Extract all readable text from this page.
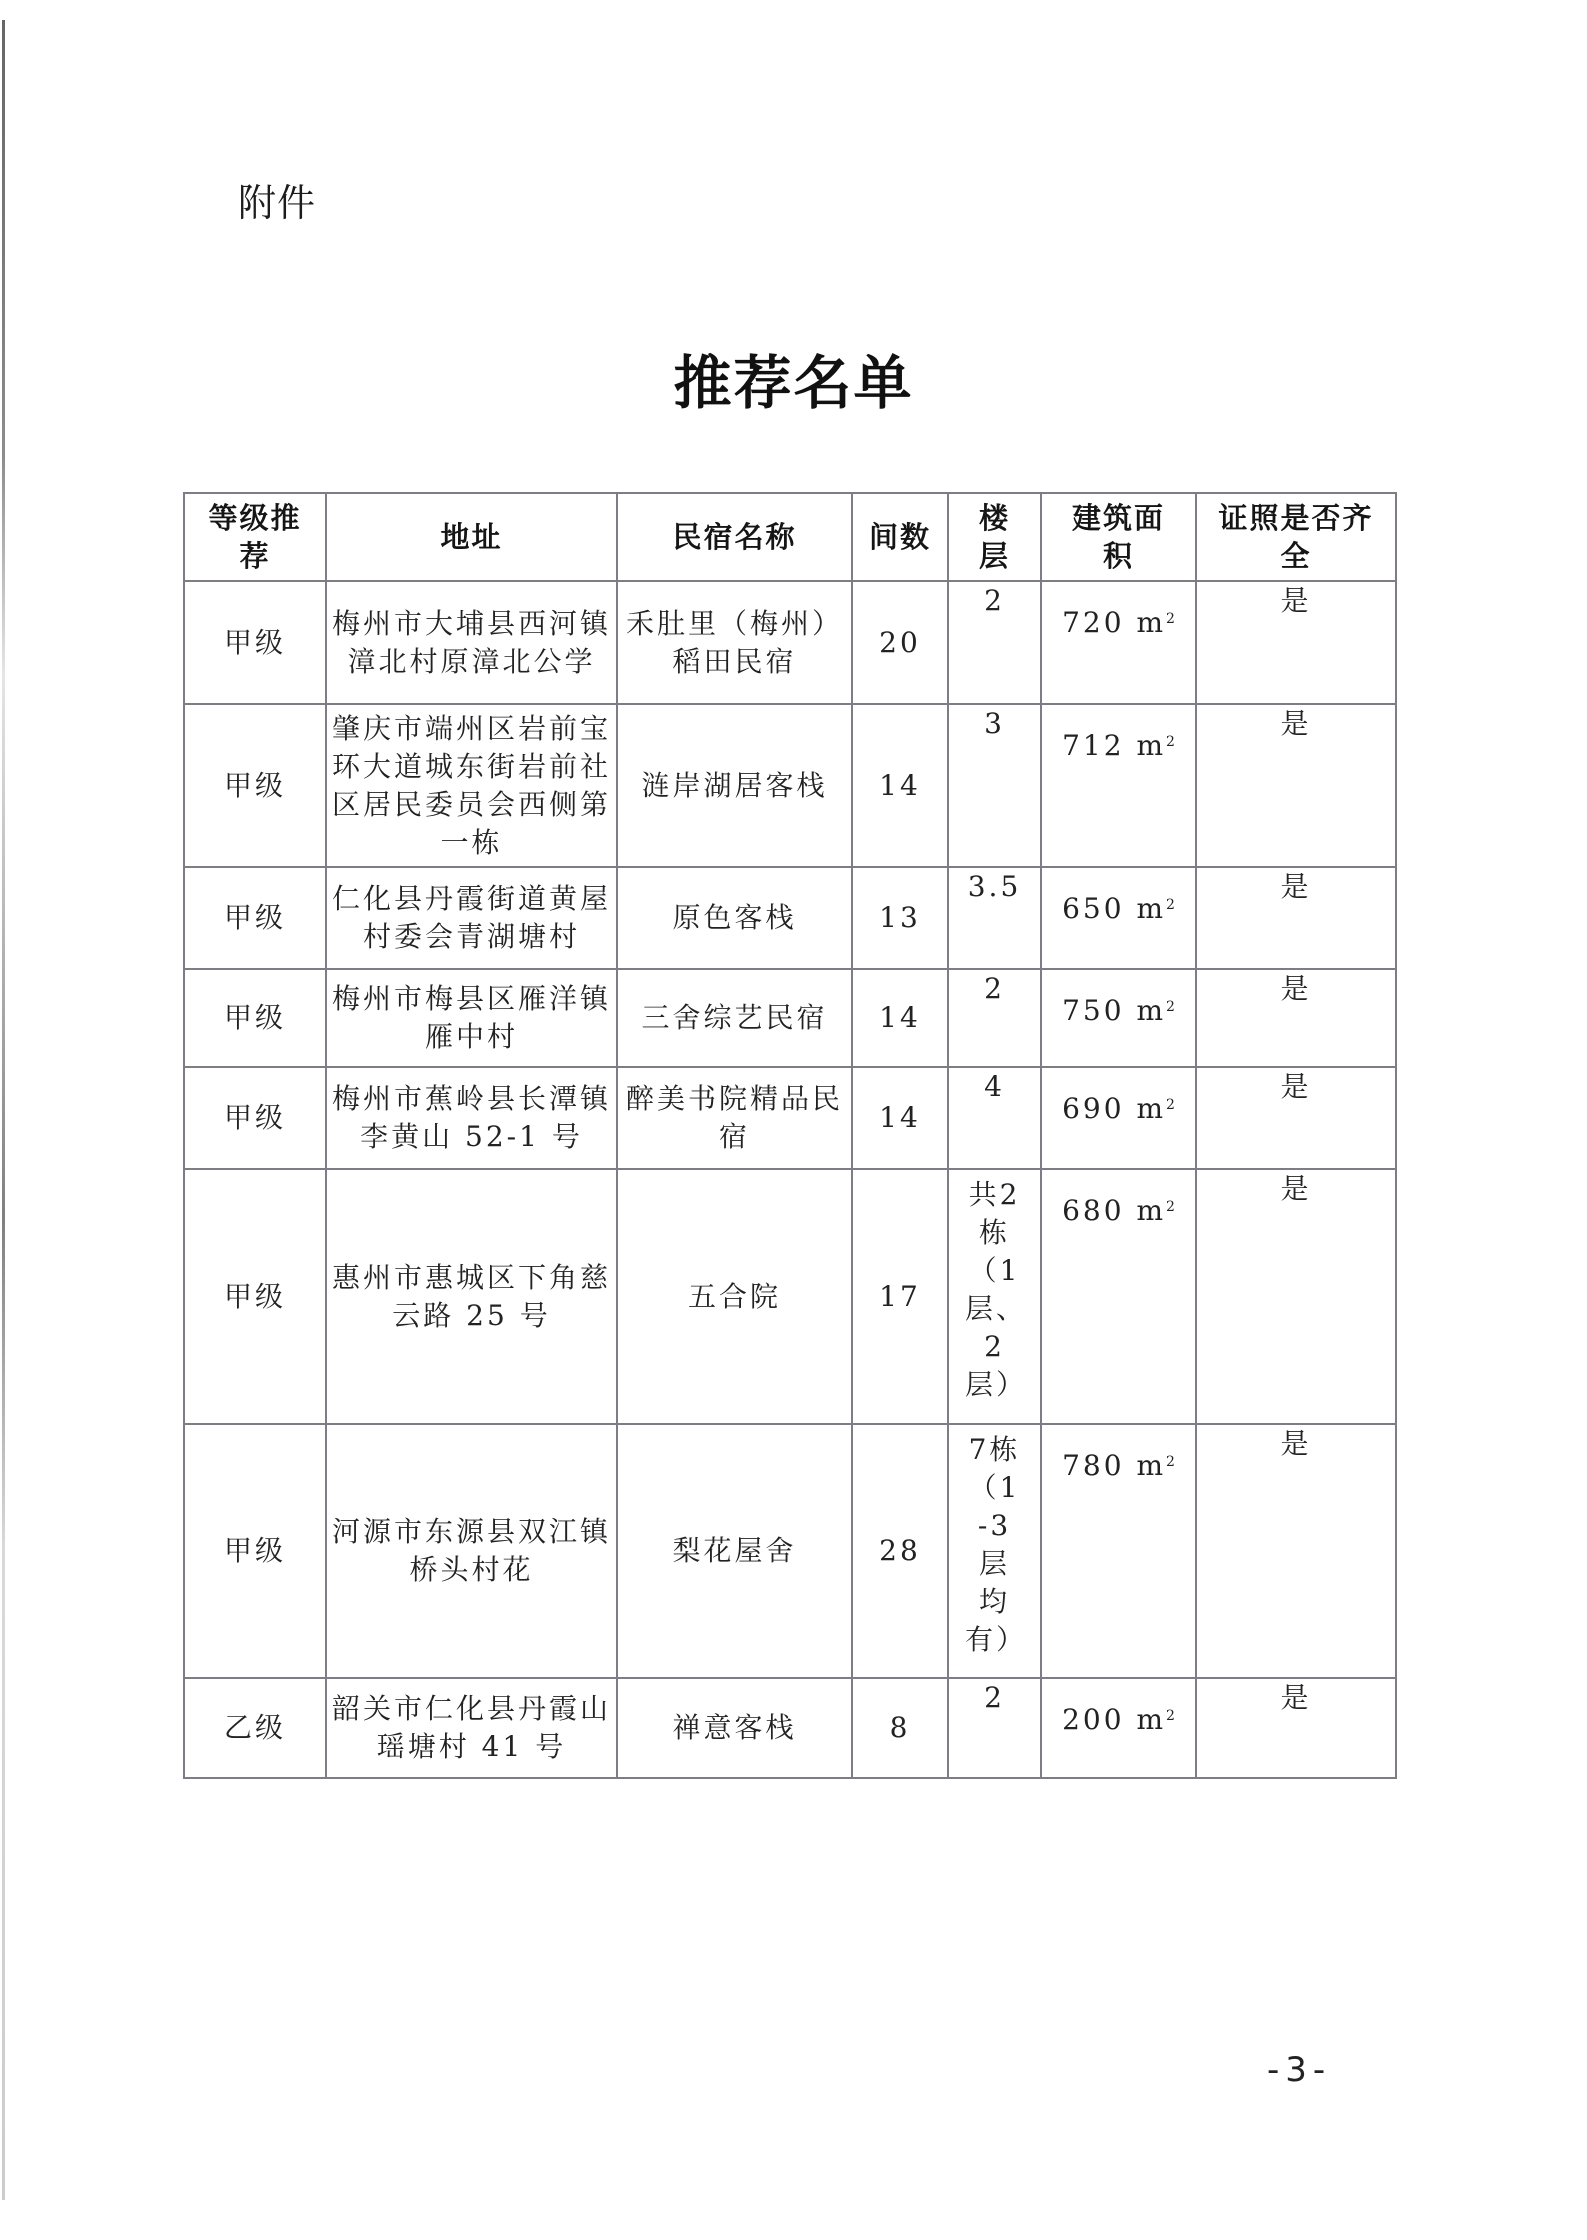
附件
推荐名单
等级推荐	地址	民宿名称	间数	楼层	建筑面积	证照是否齐全
甲级	梅州市大埔县西河镇漳北村原漳北公学	禾肚里（梅州）稻田民宿	20	2	720 $m^2$	是
甲级	肇庆市端州区岩前宝环大道城东街岩前社区居民委员会西侧第一栋	涟岸湖居客栈	14	3	712 $m^2$	是
甲级	仁化县丹霞街道黄屋村委会青湖塘村	原色客栈	13	3.5	650 $m^2$	是
甲级	梅州市梅县区雁洋镇雁中村	三舍综艺民宿	14	2	750 $m^2$	是
甲级	梅州市蕉岭县长潭镇李黄山 52-1 号	醉美书院精品民宿	14	4	690 $m^2$	是
甲级	惠州市惠城区下角慈云路 25 号	五合院	17	共2栋（1层、2层）	680 $m^2$	是
甲级	河源市东源县双江镇桥头村花	梨花屋舍	28	7栋（1-3层均有）	780 $m^2$	是
乙级	韶关市仁化县丹霞山瑶塘村 41 号	禅意客栈	8	2	200 $m^2$	是
-3-
